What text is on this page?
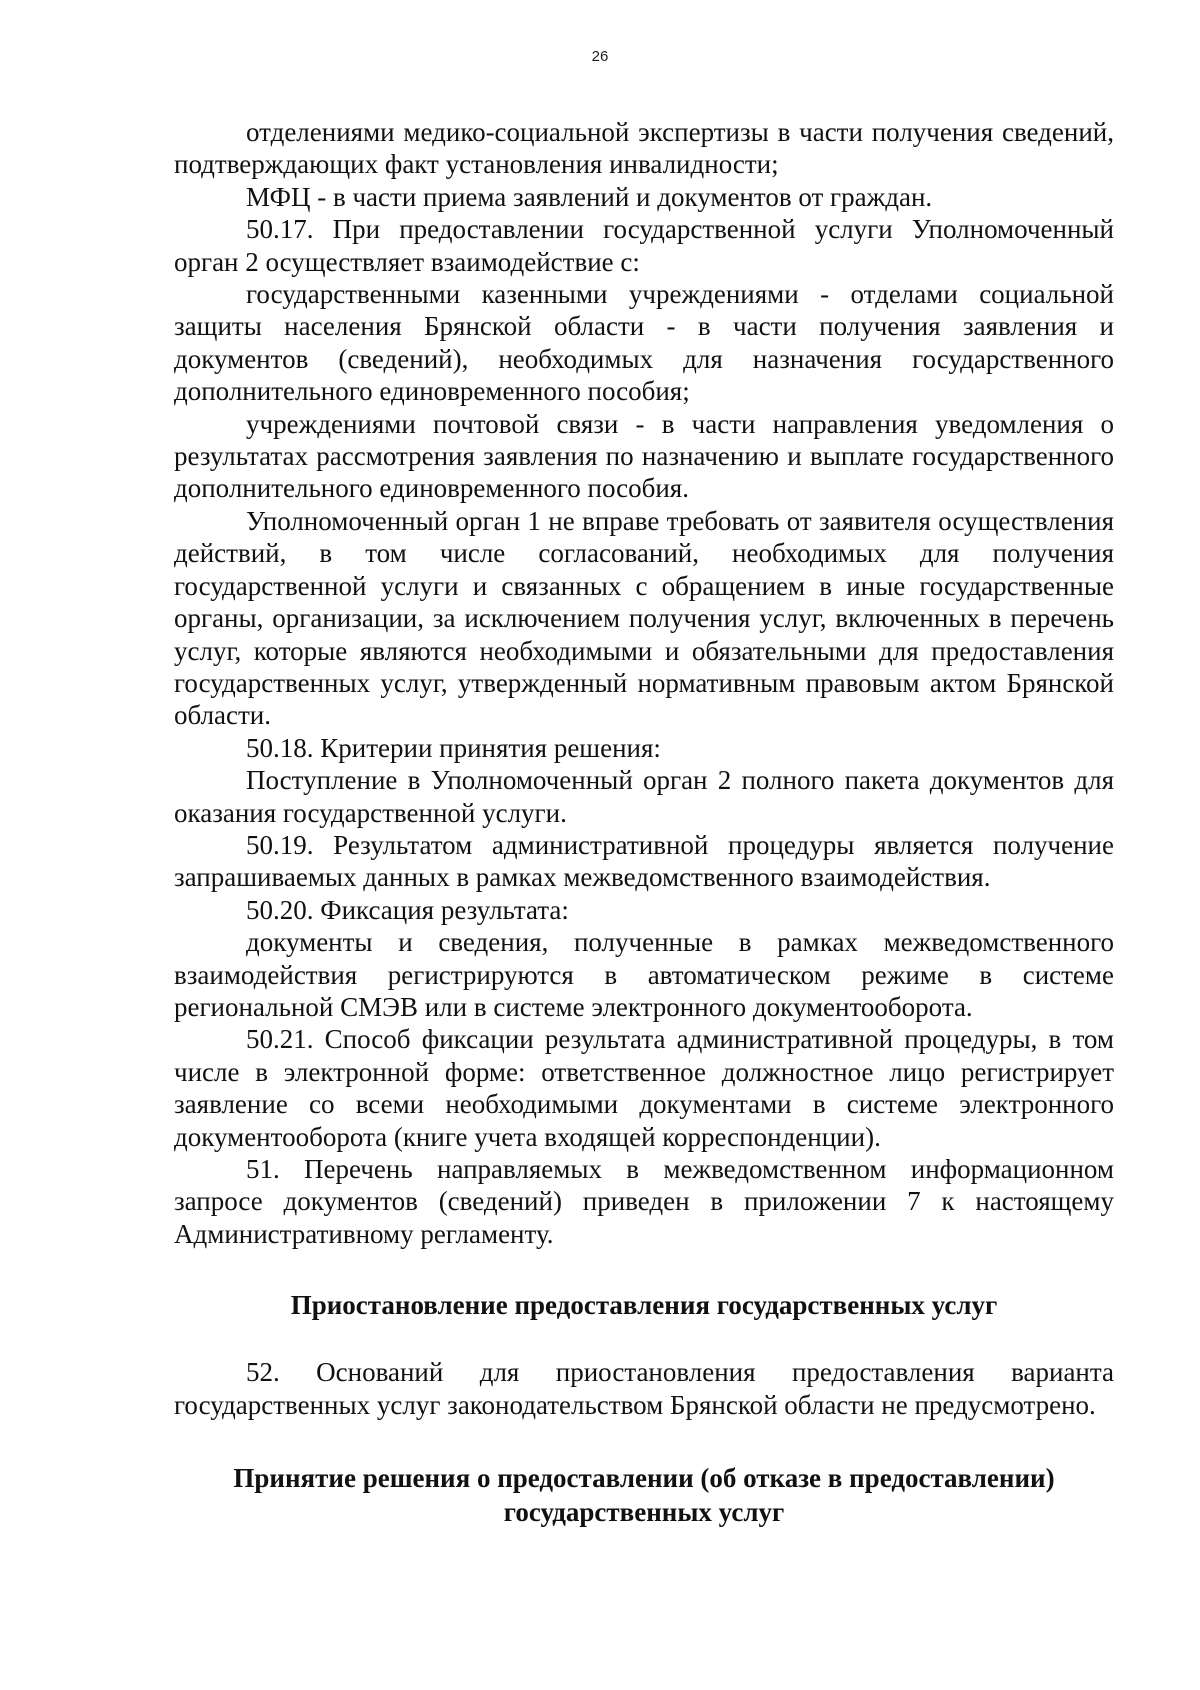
26

отделениями медико-социальной экспертизы в части получения сведений, подтверждающих факт установления инвалидности;

МФЦ - в части приема заявлений и документов от граждан.

50.17. При предоставлении государственной услуги Уполномоченный орган 2 осуществляет взаимодействие с:

государственными казенными учреждениями - отделами социальной защиты населения Брянской области - в части получения заявления и документов (сведений), необходимых для назначения государственного дополнительного единовременного пособия;

учреждениями почтовой связи - в части направления уведомления о результатах рассмотрения заявления по назначению и выплате государственного дополнительного единовременного пособия.

Уполномоченный орган 1 не вправе требовать от заявителя осуществления действий, в том числе согласований, необходимых для получения государственной услуги и связанных с обращением в иные государственные органы, организации, за исключением получения услуг, включенных в перечень услуг, которые являются необходимыми и обязательными для предоставления государственных услуг, утвержденный нормативным правовым актом Брянской области.

50.18. Критерии принятия решения:

Поступление в Уполномоченный орган 2 полного пакета документов для оказания государственной услуги.

50.19. Результатом административной процедуры является получение запрашиваемых данных в рамках межведомственного взаимодействия.

50.20. Фиксация результата:

документы и сведения, полученные в рамках межведомственного взаимодействия регистрируются в автоматическом режиме в системе региональной СМЭВ или в системе электронного документооборота.

50.21. Способ фиксации результата административной процедуры, в том числе в электронной форме: ответственное должностное лицо регистрирует заявление со всеми необходимыми документами в системе электронного документооборота (книге учета входящей корреспонденции).

51. Перечень направляемых в межведомственном информационном запросе документов (сведений) приведен в приложении 7 к настоящему Административному регламенту.

Приостановление предоставления государственных услуг

52. Оснований для приостановления предоставления варианта государственных услуг законодательством Брянской области не предусмотрено.

Принятие решения о предоставлении (об отказе в предоставлении)
государственных услуг
